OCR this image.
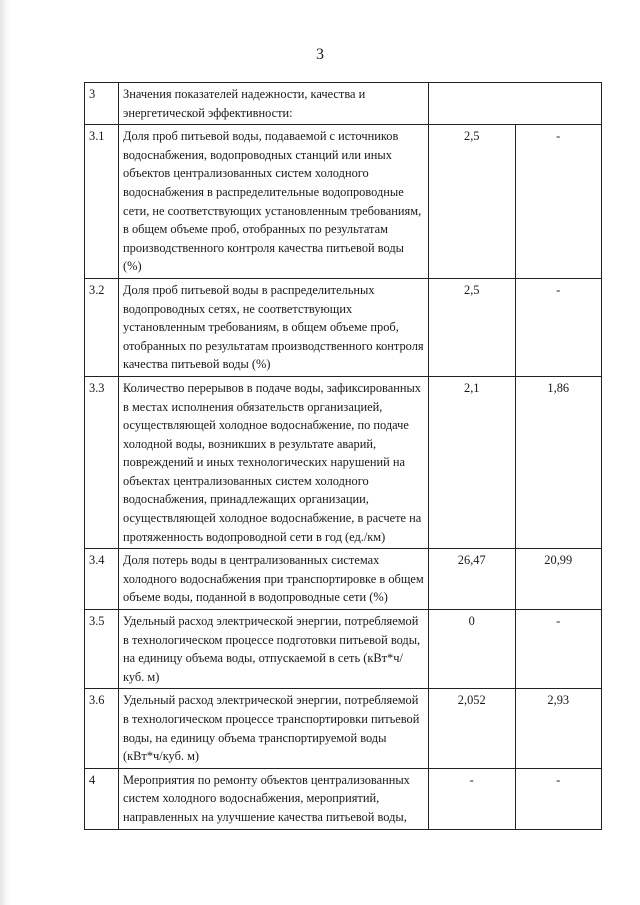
3
3	Значения показателей надежности, качества и энергетической эффективности:		
3.1	Доля проб питьевой воды, подаваемой с источников водоснабжения, водопроводных станций или иных объектов централизованных систем холодного водоснабжения в распределительные водопроводные сети, не соответствующих установленным требованиям, в общем объеме проб, отобранных по результатам производственного контроля качества питьевой воды (%)	2,5	-
3.2	Доля проб питьевой воды в распределительных водопроводных сетях, не соответствующих установленным требованиям, в общем объеме проб, отобранных по результатам производственного контроля качества питьевой воды (%)	2,5	-
3.3	Количество перерывов в подаче воды, зафиксированных в местах исполнения обязательств организацией, осуществляющей холодное водоснабжение, по подаче холодной воды, возникших в результате аварий, повреждений и иных технологических нарушений на объектах централизованных систем холодного водоснабжения, принадлежащих организации, осуществляющей холодное водоснабжение, в расчете на протяженность водопроводной сети в год (ед./км)	2,1	1,86
3.4	Доля потерь воды в централизованных системах холодного водоснабжения при транспортировке в общем объеме воды, поданной в водопроводные сети (%)	26,47	20,99
3.5	Удельный расход электрической энергии, потребляемой в технологическом процессе подготовки питьевой воды, на единицу объема воды, отпускаемой в сеть (кВт*ч/куб. м)	0	-
3.6	Удельный расход электрической энергии, потребляемой в технологическом процессе транспортировки питьевой воды, на единицу объема транспортируемой воды (кВт*ч/куб. м)	2,052	2,93
4	Мероприятия по ремонту объектов централизованных систем холодного водоснабжения, мероприятий, направленных на улучшение качества питьевой воды,	-	-
